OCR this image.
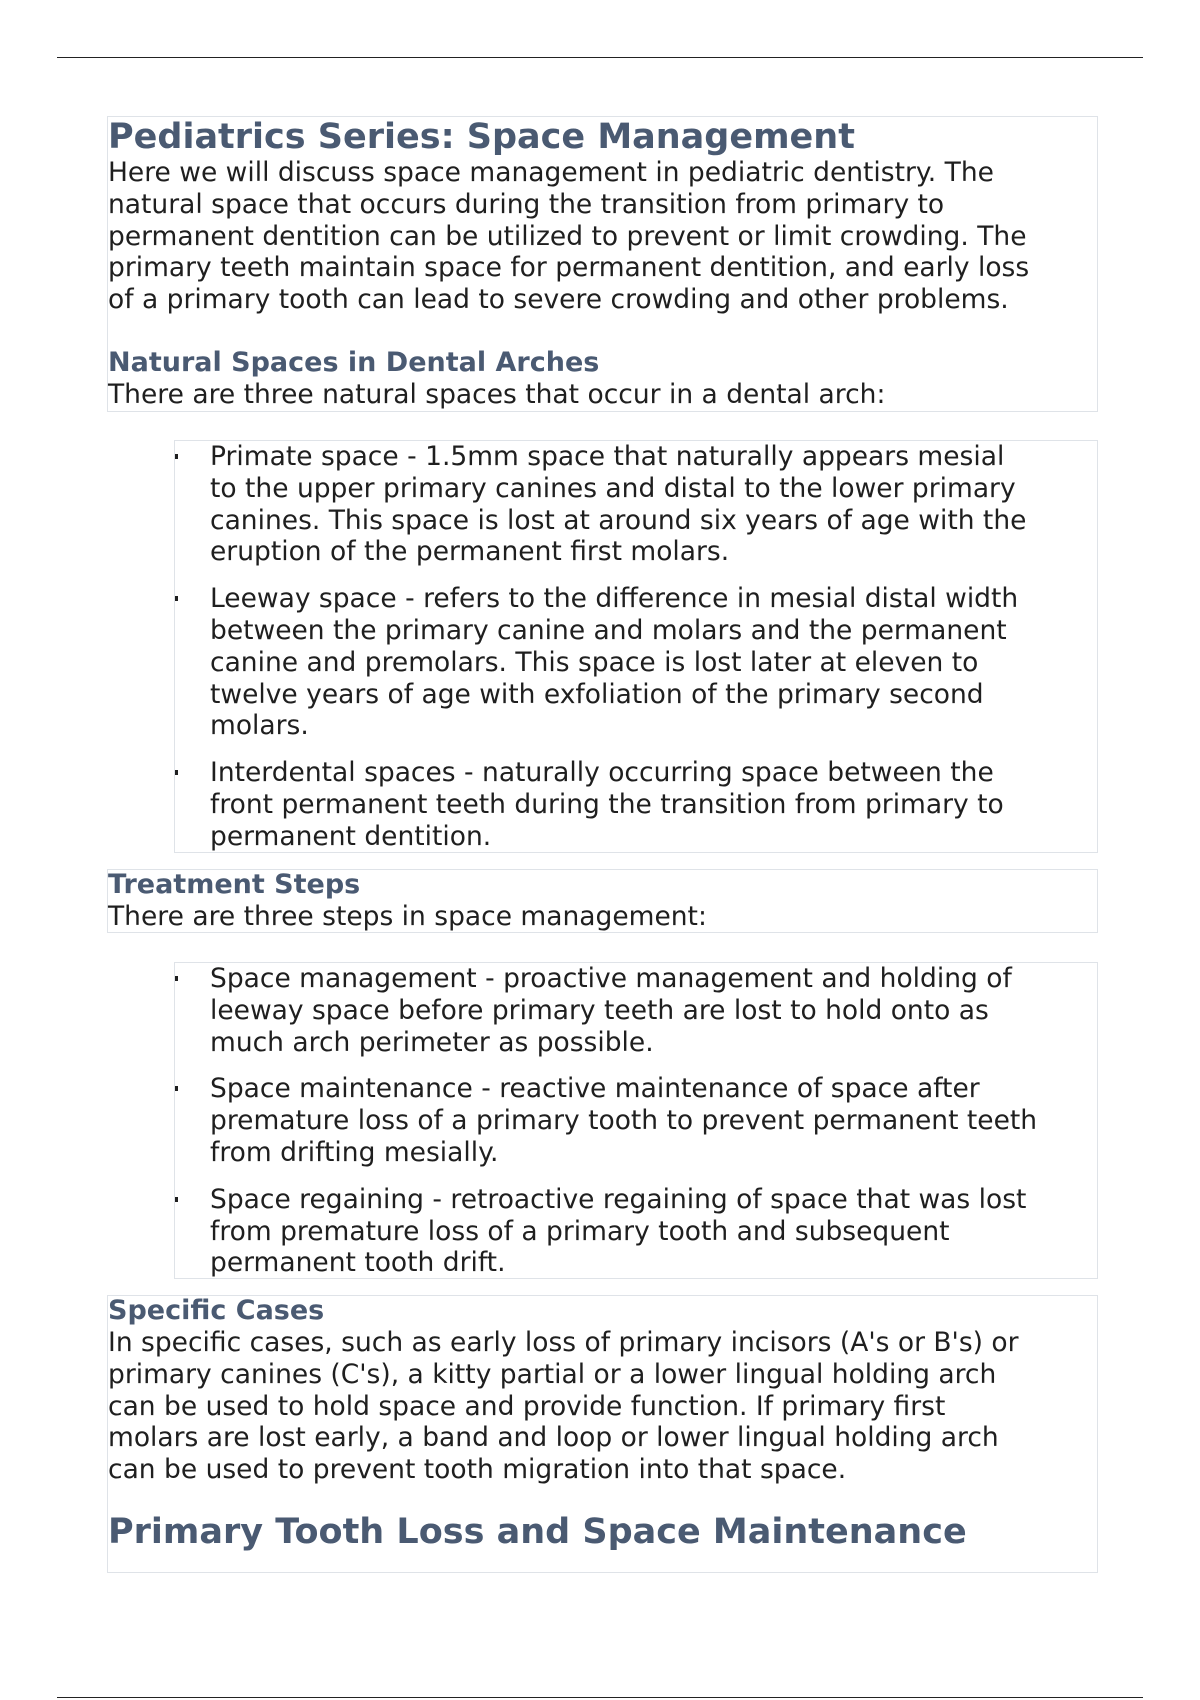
Pediatrics Series: Space Management
Here we will discuss space management in pediatric dentistry. The
natural space that occurs during the transition from primary to
permanent dentition can be utilized to prevent or limit crowding. The
primary teeth maintain space for permanent dentition, and early loss
of a primary tooth can lead to severe crowding and other problems.
Natural Spaces in Dental Arches
There are three natural spaces that occur in a dental arch:
Primate space - 1.5mm space that naturally appears mesial
to the upper primary canines and distal to the lower primary
canines. This space is lost at around six years of age with the
eruption of the permanent first molars.
Leeway space - refers to the difference in mesial distal width
between the primary canine and molars and the permanent
canine and premolars. This space is lost later at eleven to
twelve years of age with exfoliation of the primary second
molars.
Interdental spaces - naturally occurring space between the
front permanent teeth during the transition from primary to
permanent dentition.
Treatment Steps
There are three steps in space management:
Space management - proactive management and holding of
leeway space before primary teeth are lost to hold onto as
much arch perimeter as possible.
Space maintenance - reactive maintenance of space after
premature loss of a primary tooth to prevent permanent teeth
from drifting mesially.
Space regaining - retroactive regaining of space that was lost
from premature loss of a primary tooth and subsequent
permanent tooth drift.
Specific Cases
In specific cases, such as early loss of primary incisors (A's or B's) or
primary canines (C's), a kitty partial or a lower lingual holding arch
can be used to hold space and provide function. If primary first
molars are lost early, a band and loop or lower lingual holding arch
can be used to prevent tooth migration into that space.
Primary Tooth Loss and Space Maintenance
